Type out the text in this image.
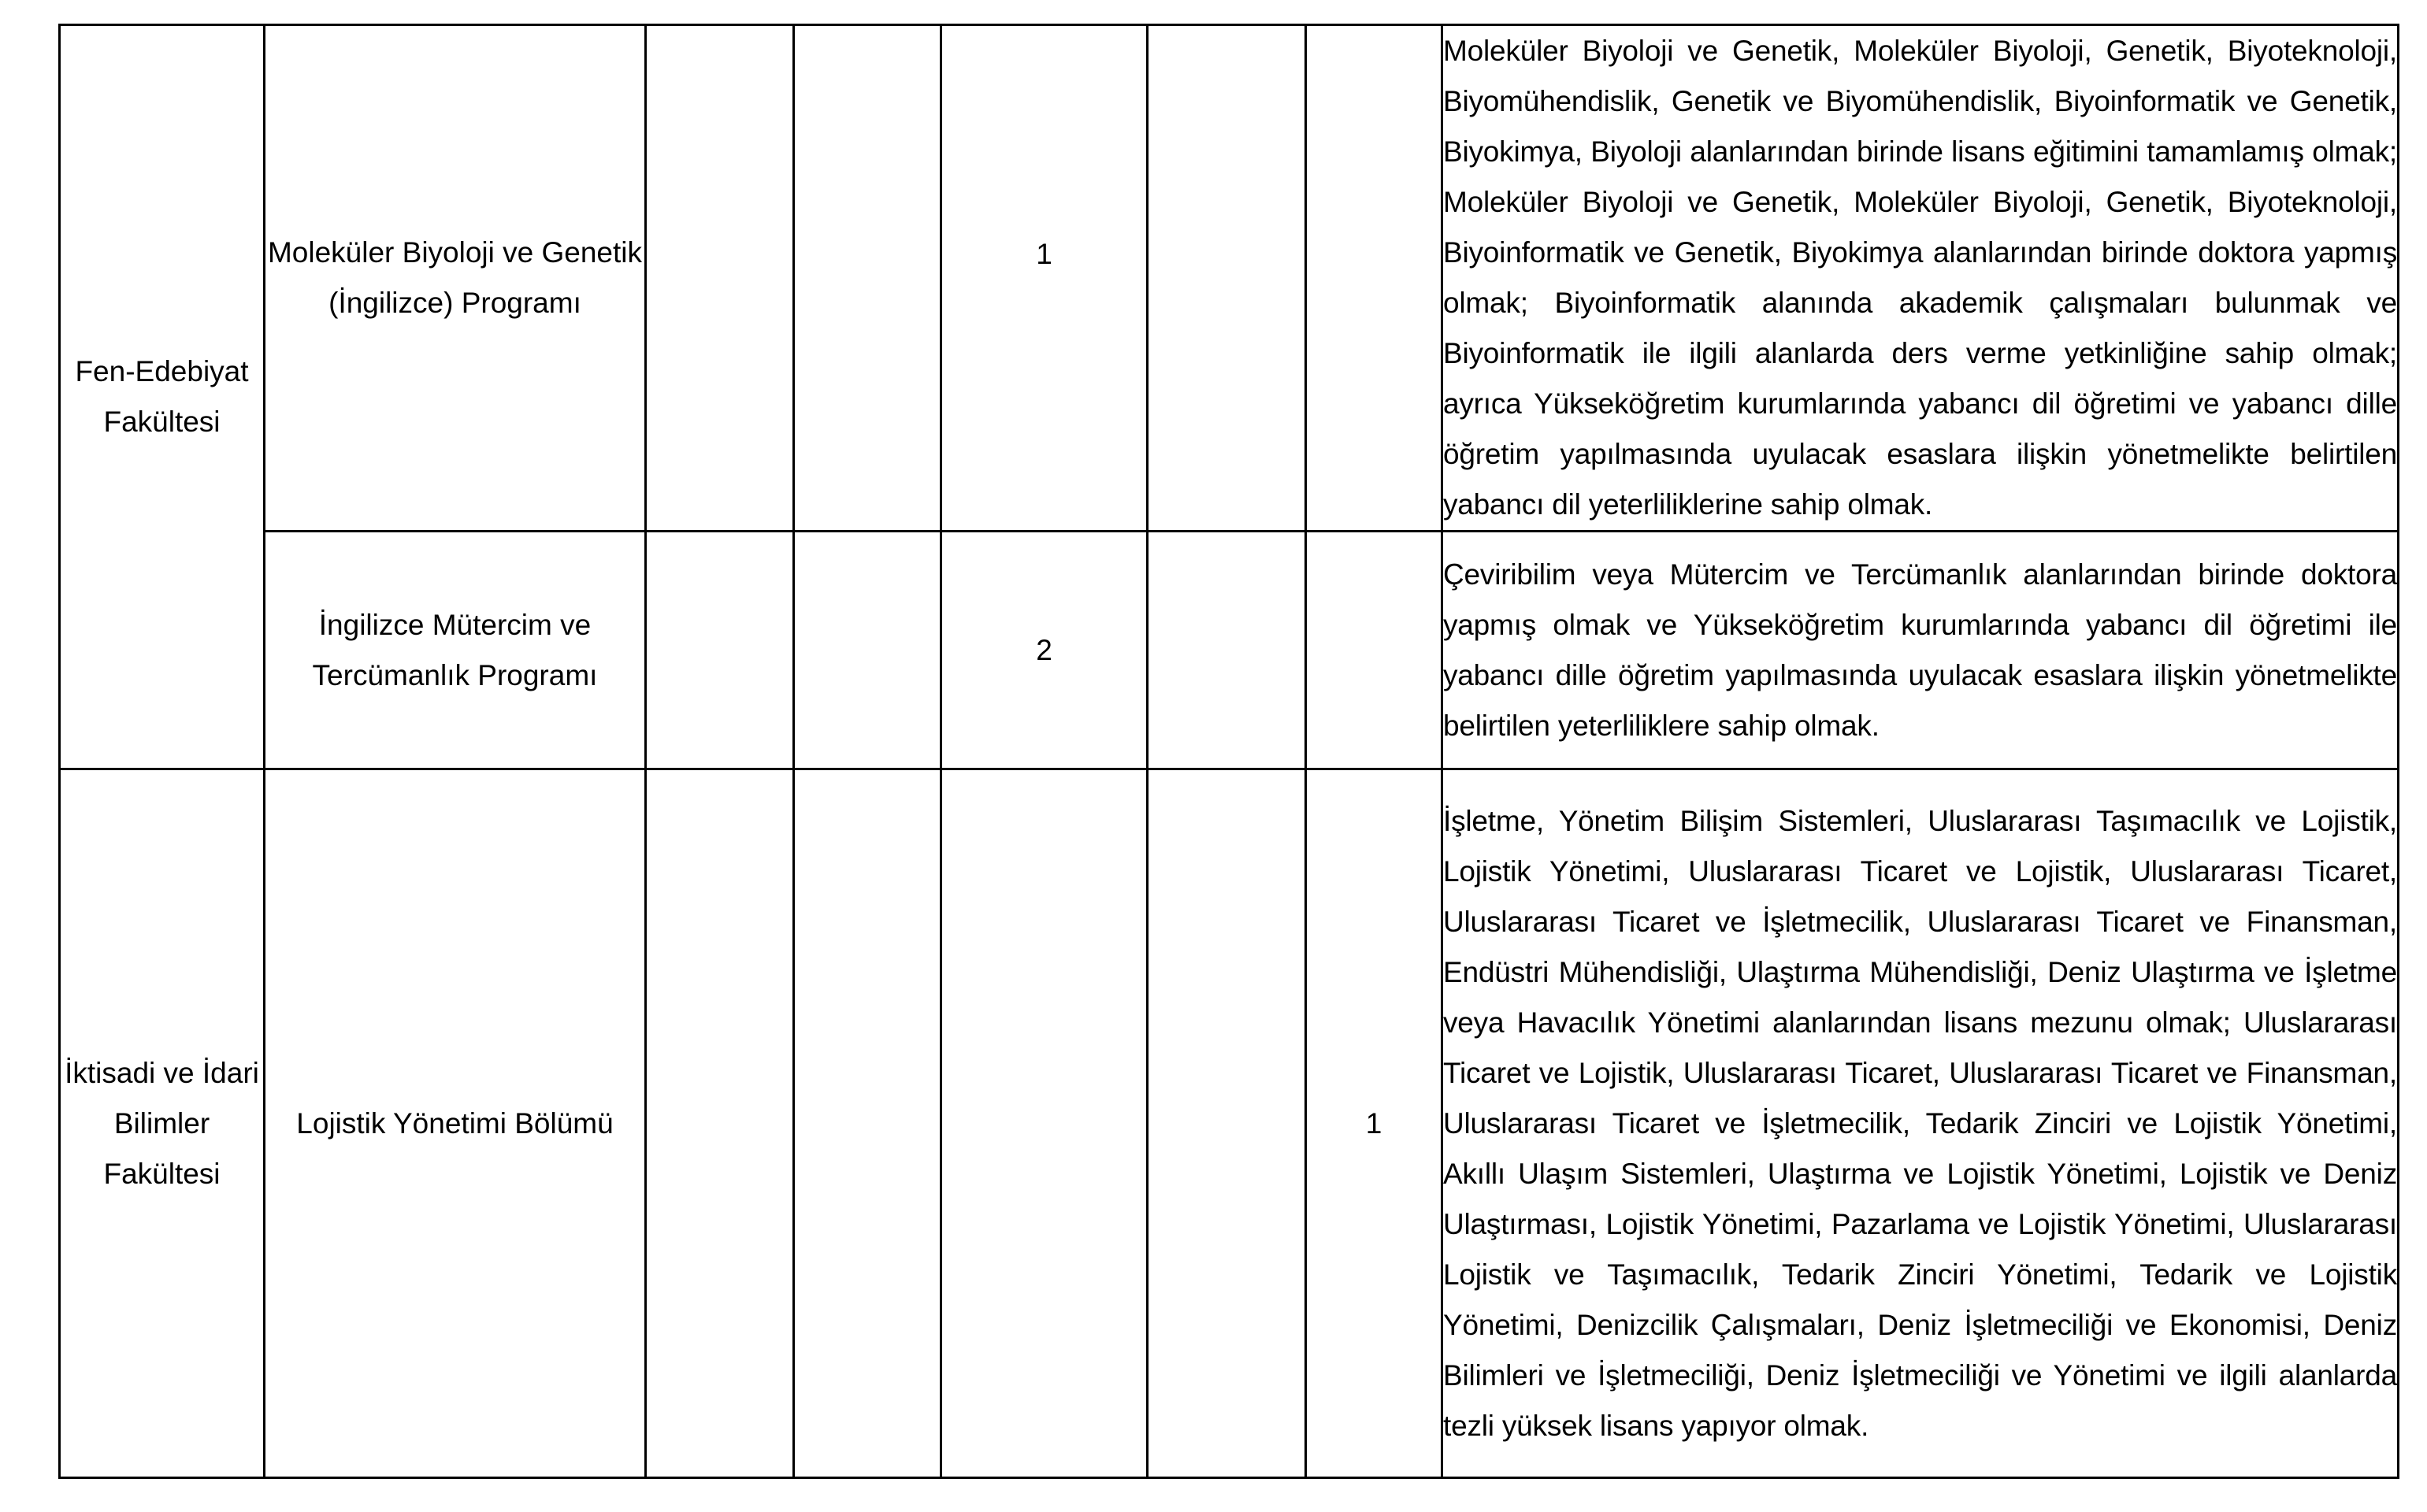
Fen-Edebiyat Fakültesi	Moleküler Biyoloji ve Genetik (İngilizce) Programı			1			Moleküler Biyoloji ve Genetik, Moleküler Biyoloji, Genetik, Biyoteknoloji, Biyomühendislik, Genetik ve Biyomühendislik, Biyoinformatik ve Genetik, Biyokimya, Biyoloji alanlarından birinde lisans eğitimini tamamlamış olmak; Moleküler Biyoloji ve Genetik, Moleküler Biyoloji, Genetik, Biyoteknoloji, Biyoinformatik ve Genetik, Biyokimya alanlarından birinde doktora yapmış olmak; Biyoinformatik alanında akademik çalışmaları bulunmak ve Biyoinformatik ile ilgili alanlarda ders verme yetkinliğine sahip olmak; ayrıca Yükseköğretim kurumlarında yabancı dil öğretimi ve yabancı dille öğretim yapılmasında uyulacak esaslara ilişkin yönetmelikte belirtilen yabancı dil yeterliliklerine sahip olmak.
	İngilizce Mütercim ve Tercümanlık Programı			2			Çeviribilim veya Mütercim ve Tercümanlık alanlarından birinde doktora yapmış olmak ve Yükseköğretim kurumlarında yabancı dil öğretimi ile yabancı dille öğretim yapılmasında uyulacak esaslara ilişkin yönetmelikte belirtilen yeterliliklere sahip olmak.
İktisadi ve İdari Bilimler Fakültesi	Lojistik Yönetimi Bölümü					1	İşletme, Yönetim Bilişim Sistemleri, Uluslararası Taşımacılık ve Lojistik, Lojistik Yönetimi, Uluslararası Ticaret ve Lojistik, Uluslararası Ticaret, Uluslararası Ticaret ve İşletmecilik, Uluslararası Ticaret ve Finansman, Endüstri Mühendisliği, Ulaştırma Mühendisliği, Deniz Ulaştırma ve İşletme veya Havacılık Yönetimi alanlarından lisans mezunu olmak; Uluslararası Ticaret ve Lojistik, Uluslararası Ticaret, Uluslararası Ticaret ve Finansman, Uluslararası Ticaret ve İşletmecilik, Tedarik Zinciri ve Lojistik Yönetimi, Akıllı Ulaşım Sistemleri, Ulaştırma ve Lojistik Yönetimi, Lojistik ve Deniz Ulaştırması, Lojistik Yönetimi, Pazarlama ve Lojistik Yönetimi, Uluslararası Lojistik ve Taşımacılık, Tedarik Zinciri Yönetimi, Tedarik ve Lojistik Yönetimi, Denizcilik Çalışmaları, Deniz İşletmeciliği ve Ekonomisi, Deniz Bilimleri ve İşletmeciliği, Deniz İşletmeciliği ve Yönetimi ve ilgili alanlarda tezli yüksek lisans yapıyor olmak.
